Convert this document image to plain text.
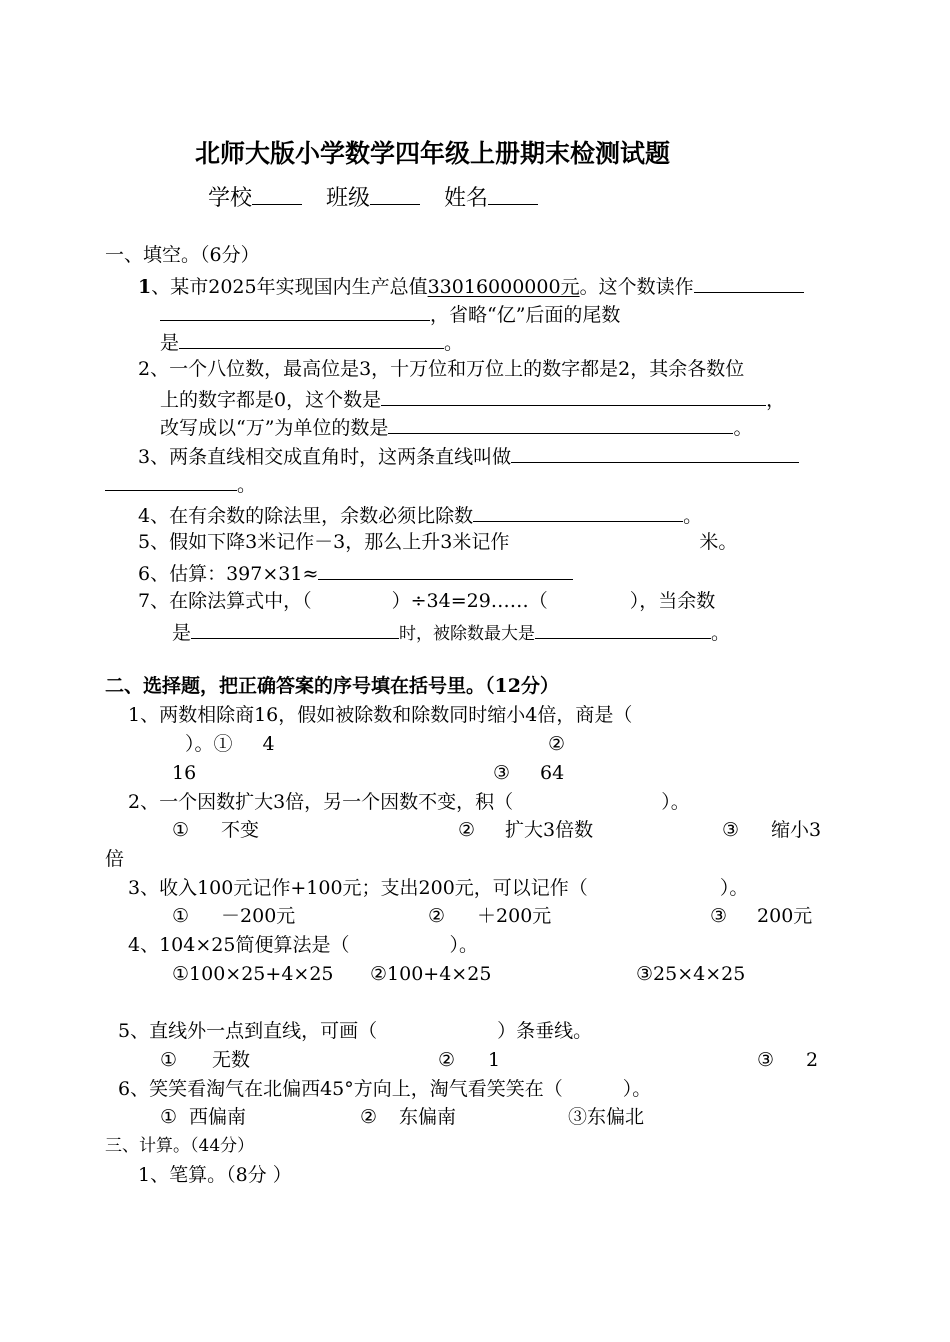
北师大版小学数学四年级上册期末检测试题
学校	班级	姓名
一、填空。（6分）
1、某市2025年实现国内生产总值33016000000元。这个数读作
，省略“亿”后面的尾数
是	。
2、一个八位数，最高位是3，十万位和万位上的数字都是2，其余各数位
上的数字都是0，这个数是	，
改写成以“万”为单位的数是	。
3、两条直线相交成直角时，这两条直线叫做
。
4、在有余数的除法里，余数必须比除数	。
5、假如下降3米记作－3，那么上升3米记作	米。
6、估算：397×31≈
7、在除法算式中，（	）÷34=29……（	），当余数
是	时，被除数最大是	。
二、选择题，把正确答案的序号填在括号里。（12分）
1、两数相除商16，假如被除数和除数同时缩小4倍，商是（
）。① 4	②
16	③ 64
2、一个因数扩大3倍，另一个因数不变，积（	）。
① 不变	② 扩大3倍数	③ 缩小3
倍
3、收入100元记作+100元；支出200元，可以记作（	）。
① －200元	② ＋200元	③ 200元
4、104×25简便算法是（	）。
①100×25+4×25 ②100+4×25	③25×4×25
5、直线外一点到直线，可画（	）条垂线。
① 无数	② 1	③ 2
6、笑笑看淘气在北偏西45°方向上，淘气看笑笑在（	）。
① 西偏南	② 东偏南	③东偏北
三、计算。（44分）
1、笔算。（8分 ）
